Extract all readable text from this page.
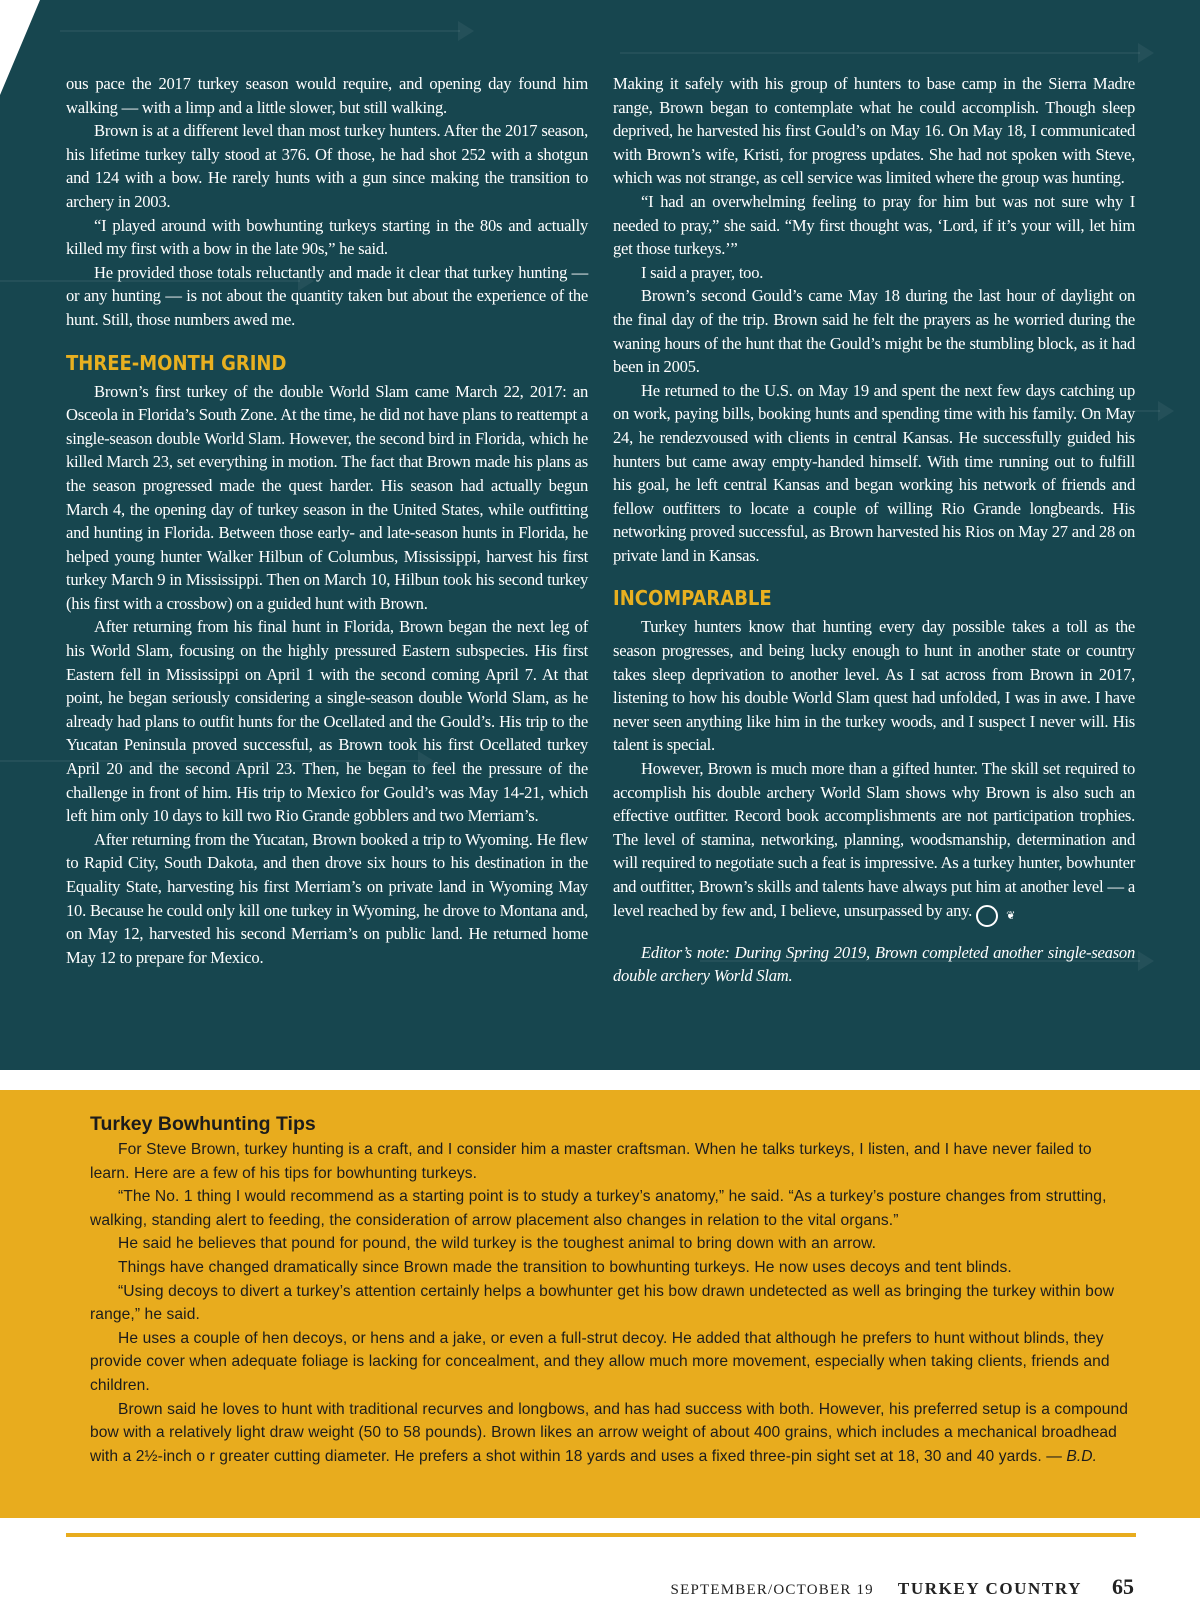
ous pace the 2017 turkey season would require, and opening day found him walking — with a limp and a little slower, but still walking.

Brown is at a different level than most turkey hunters. After the 2017 season, his lifetime turkey tally stood at 376. Of those, he had shot 252 with a shotgun and 124 with a bow. He rarely hunts with a gun since making the transition to archery in 2003.

“I played around with bowhunting turkeys starting in the 80s and actually killed my first with a bow in the late 90s,” he said.

He provided those totals reluctantly and made it clear that turkey hunting — or any hunting — is not about the quantity taken but about the experience of the hunt. Still, those numbers awed me.

THREE-MONTH GRIND

Brown’s first turkey of the double World Slam came March 22, 2017: an Osceola in Florida’s South Zone. At the time, he did not have plans to reattempt a single-season double World Slam. However, the second bird in Florida, which he killed March 23, set everything in motion. The fact that Brown made his plans as the season progressed made the quest harder. His season had actually begun March 4, the opening day of turkey season in the United States, while outfitting and hunting in Florida. Between those early- and late-season hunts in Florida, he helped young hunter Walker Hilbun of Columbus, Mississippi, harvest his first turkey March 9 in Mississippi. Then on March 10, Hilbun took his second turkey (his first with a crossbow) on a guided hunt with Brown.

After returning from his final hunt in Florida, Brown began the next leg of his World Slam, focusing on the highly pressured Eastern subspecies. His first Eastern fell in Mississippi on April 1 with the second coming April 7. At that point, he began seriously considering a single-season double World Slam, as he already had plans to outfit hunts for the Ocellated and the Gould’s. His trip to the Yucatan Peninsula proved successful, as Brown took his first Ocellated turkey April 20 and the second April 23. Then, he began to feel the pressure of the challenge in front of him. His trip to Mexico for Gould’s was May 14-21, which left him only 10 days to kill two Rio Grande gobblers and two Merriam’s.

After returning from the Yucatan, Brown booked a trip to Wyoming. He flew to Rapid City, South Dakota, and then drove six hours to his destination in the Equality State, harvesting his first Merriam’s on private land in Wyoming May 10. Because he could only kill one turkey in Wyoming, he drove to Montana and, on May 12, harvested his second Merriam’s on public land. He returned home May 12 to prepare for Mexico.

Making it safely with his group of hunters to base camp in the Sierra Madre range, Brown began to contemplate what he could accomplish. Though sleep deprived, he harvested his first Gould’s on May 16. On May 18, I communicated with Brown’s wife, Kristi, for progress updates. She had not spoken with Steve, which was not strange, as cell service was limited where the group was hunting.

“I had an overwhelming feeling to pray for him but was not sure why I needed to pray,” she said. “My first thought was, ‘Lord, if it’s your will, let him get those turkeys.’”

I said a prayer, too.

Brown’s second Gould’s came May 18 during the last hour of daylight on the final day of the trip. Brown said he felt the prayers as he worried during the waning hours of the hunt that the Gould’s might be the stumbling block, as it had been in 2005.

He returned to the U.S. on May 19 and spent the next few days catching up on work, paying bills, booking hunts and spending time with his family. On May 24, he rendezvoused with clients in central Kansas. He successfully guided his hunters but came away empty-handed himself. With time running out to fulfill his goal, he left central Kansas and began working his network of friends and fellow outfitters to locate a couple of willing Rio Grande longbeards. His networking proved successful, as Brown harvested his Rios on May 27 and 28 on private land in Kansas.

INCOMPARABLE

Turkey hunters know that hunting every day possible takes a toll as the season progresses, and being lucky enough to hunt in another state or country takes sleep deprivation to another level. As I sat across from Brown in 2017, listening to how his double World Slam quest had unfolded, I was in awe. I have never seen anything like him in the turkey woods, and I suspect I never will. His talent is special.

However, Brown is much more than a gifted hunter. The skill set required to accomplish his double archery World Slam shows why Brown is also such an effective outfitter. Record book accomplishments are not participation trophies. The level of stamina, networking, planning, woodsmanship, determination and will required to negotiate such a feat is impressive. As a turkey hunter, bowhunter and outfitter, Brown’s skills and talents have always put him at another level — a level reached by few and, I believe, unsurpassed by any.	❦

Editor’s note: During Spring 2019, Brown completed another single-season double archery World Slam.

Turkey Bowhunting Tips

For Steve Brown, turkey hunting is a craft, and I consider him a master craftsman. When he talks turkeys, I listen, and I have never failed to learn. Here are a few of his tips for bowhunting turkeys.

“The No. 1 thing I would recommend as a starting point is to study a turkey’s anatomy,” he said. “As a turkey’s posture changes from strutting, walking, standing alert to feeding, the consideration of arrow placement also changes in relation to the vital organs.”

He said he believes that pound for pound, the wild turkey is the toughest animal to bring down with an arrow.

Things have changed dramatically since Brown made the transition to bowhunting turkeys. He now uses decoys and tent blinds.

“Using decoys to divert a turkey’s attention certainly helps a bowhunter get his bow drawn undetected as well as bringing the turkey within bow range,” he said.

He uses a couple of hen decoys, or hens and a jake, or even a full-strut decoy. He added that although he prefers to hunt without blinds, they provide cover when adequate foliage is lacking for concealment, and they allow much more movement, especially when taking clients, friends and children.

Brown said he loves to hunt with traditional recurves and longbows, and has had success with both. However, his preferred setup is a compound bow with a relatively light draw weight (50 to 58 pounds). Brown likes an arrow weight of about 400 grains, which includes a mechanical broadhead with a 2½-inch o r greater cutting diameter. He prefers a shot within 18 yards and uses a fixed three-pin sight set at 18, 30 and 40 yards. — B.D.

SEPTEMBER/OCTOBER 19 TURKEY COUNTRY 65
